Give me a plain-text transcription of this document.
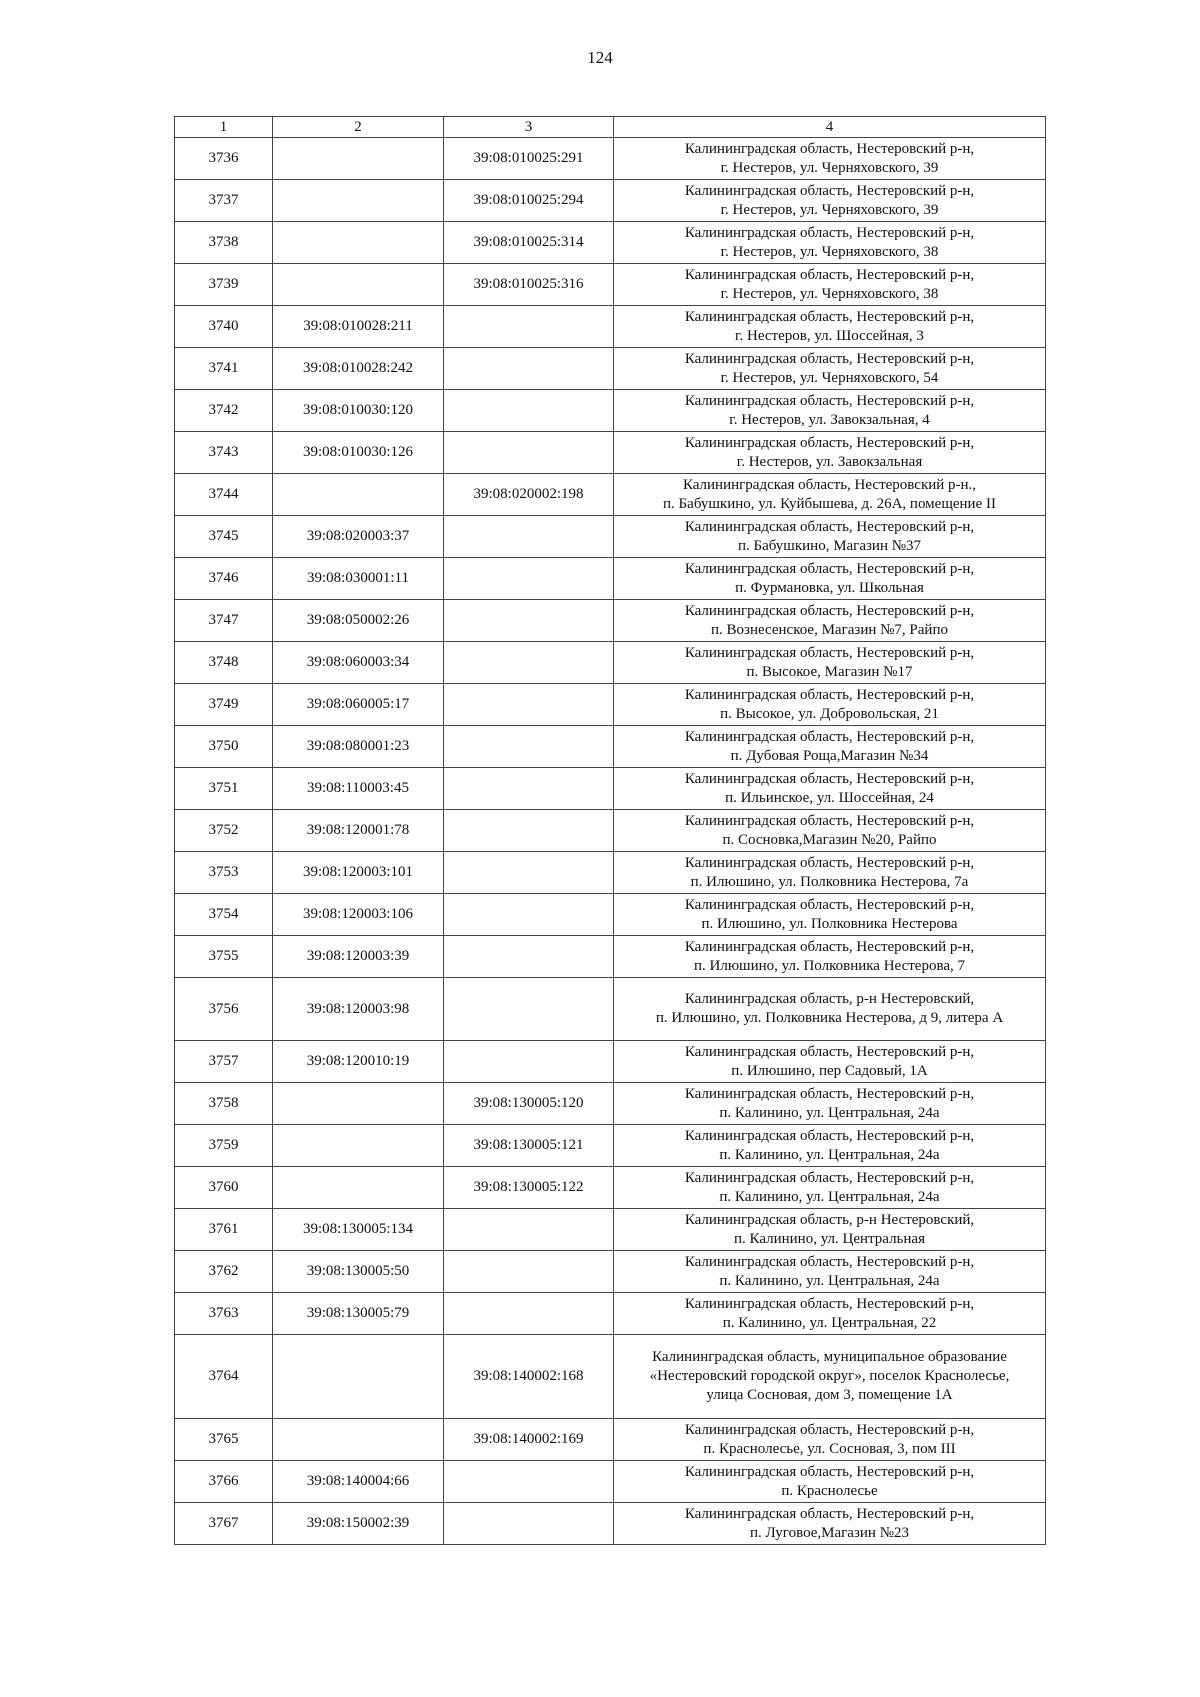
124
1	2	3	4
3736		39:08:010025:291	Калининградская область, Нестеровский р-н,
г. Нестеров, ул. Черняховского, 39

3737		39:08:010025:294	Калининградская область, Нестеровский р-н,
г. Нестеров, ул. Черняховского, 39

3738		39:08:010025:314	Калининградская область, Нестеровский р-н,
г. Нестеров, ул. Черняховского, 38

3739		39:08:010025:316	Калининградская область, Нестеровский р-н,
г. Нестеров, ул. Черняховского, 38

3740	39:08:010028:211		Калининградская область, Нестеровский р-н,
г. Нестеров, ул. Шоссейная, 3

3741	39:08:010028:242		Калининградская область, Нестеровский р-н,
г. Нестеров, ул. Черняховского, 54

3742	39:08:010030:120		Калининградская область, Нестеровский р-н,
г. Нестеров, ул. Завокзальная, 4

3743	39:08:010030:126		Калининградская область, Нестеровский р-н,
г. Нестеров, ул. Завокзальная

3744		39:08:020002:198	Калининградская область, Нестеровский р-н.,
п. Бабушкино, ул. Куйбышева, д. 26А, помещение II

3745	39:08:020003:37		Калининградская область, Нестеровский р-н,
п. Бабушкино, Магазин №37

3746	39:08:030001:11		Калининградская область, Нестеровский р-н,
п. Фурмановка, ул. Школьная

3747	39:08:050002:26		Калининградская область, Нестеровский р-н,
п. Вознесенское, Магазин №7, Райпо

3748	39:08:060003:34		Калининградская область, Нестеровский р-н,
п. Высокое, Магазин №17

3749	39:08:060005:17		Калининградская область, Нестеровский р-н,
п. Высокое, ул. Добровольская, 21

3750	39:08:080001:23		Калининградская область, Нестеровский р-н,
п. Дубовая Роща,Магазин №34

3751	39:08:110003:45		Калининградская область, Нестеровский р-н,
п. Ильинское, ул. Шоссейная, 24

3752	39:08:120001:78		Калининградская область, Нестеровский р-н,
п. Сосновка,Магазин №20, Райпо

3753	39:08:120003:101		Калининградская область, Нестеровский р-н,
п. Илюшино, ул. Полковника Нестерова, 7а

3754	39:08:120003:106		Калининградская область, Нестеровский р-н,
п. Илюшино, ул. Полковника Нестерова

3755	39:08:120003:39		Калининградская область, Нестеровский р-н,
п. Илюшино, ул. Полковника Нестерова, 7

3756	39:08:120003:98		Калининградская область, р-н Нестеровский,
п. Илюшино, ул. Полковника Нестерова, д 9, литера А

3757	39:08:120010:19		Калининградская область, Нестеровский р-н,
п. Илюшино, пер Садовый, 1А

3758		39:08:130005:120	Калининградская область, Нестеровский р-н,
п. Калинино, ул. Центральная, 24а

3759		39:08:130005:121	Калининградская область, Нестеровский р-н,
п. Калинино, ул. Центральная, 24а

3760		39:08:130005:122	Калининградская область, Нестеровский р-н,
п. Калинино, ул. Центральная, 24а

3761	39:08:130005:134		Калининградская область, р-н Нестеровский,
п. Калинино, ул. Центральная

3762	39:08:130005:50		Калининградская область, Нестеровский р-н,
п. Калинино, ул. Центральная, 24а

3763	39:08:130005:79		Калининградская область, Нестеровский р-н,
п. Калинино, ул. Центральная, 22

3764		39:08:140002:168	Калининградская область, муниципальное образование
«Нестеровский городской округ», поселок Краснолесье,
улица Сосновая, дом 3, помещение 1А

3765		39:08:140002:169	Калининградская область, Нестеровский р-н,
п. Краснолесье, ул. Сосновая, 3, пом III

3766	39:08:140004:66		Калининградская область, Нестеровский р-н,
п. Краснолесье

3767	39:08:150002:39		Калининградская область, Нестеровский р-н,
п. Луговое,Магазин №23
